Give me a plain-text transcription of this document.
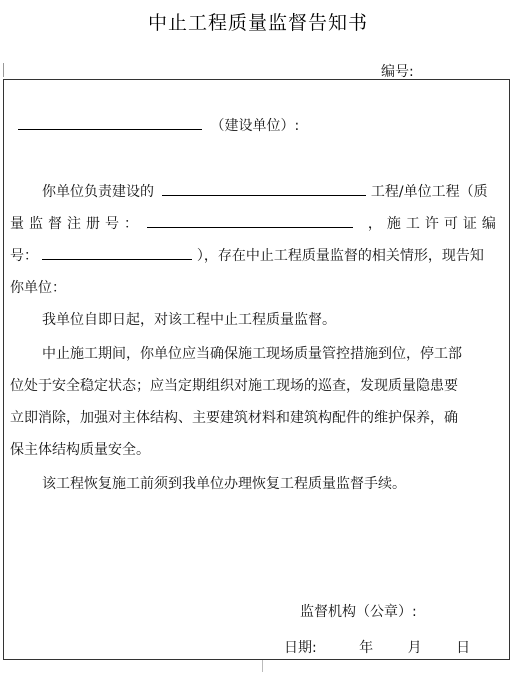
中止工程质量监督告知书
编号:
（建设单位）:
你单位负责建设的	工程/单位工程（质
量监督注册号：	，施工许可证编
号：	），存在中止工程质量监督的相关情形，现告知
你单位：
我单位自即日起，对该工程中止工程质量监督。
中止施工期间，你单位应当确保施工现场质量管控措施到位，停工部
位处于安全稳定状态；应当定期组织对施工现场的巡查，发现质量隐患要
立即消除，加强对主体结构、主要建筑材料和建筑构配件的维护保养，确
保主体结构质量安全。
该工程恢复施工前须到我单位办理恢复工程质量监督手续。
监督机构（公章）:
日期:	年 月 日
